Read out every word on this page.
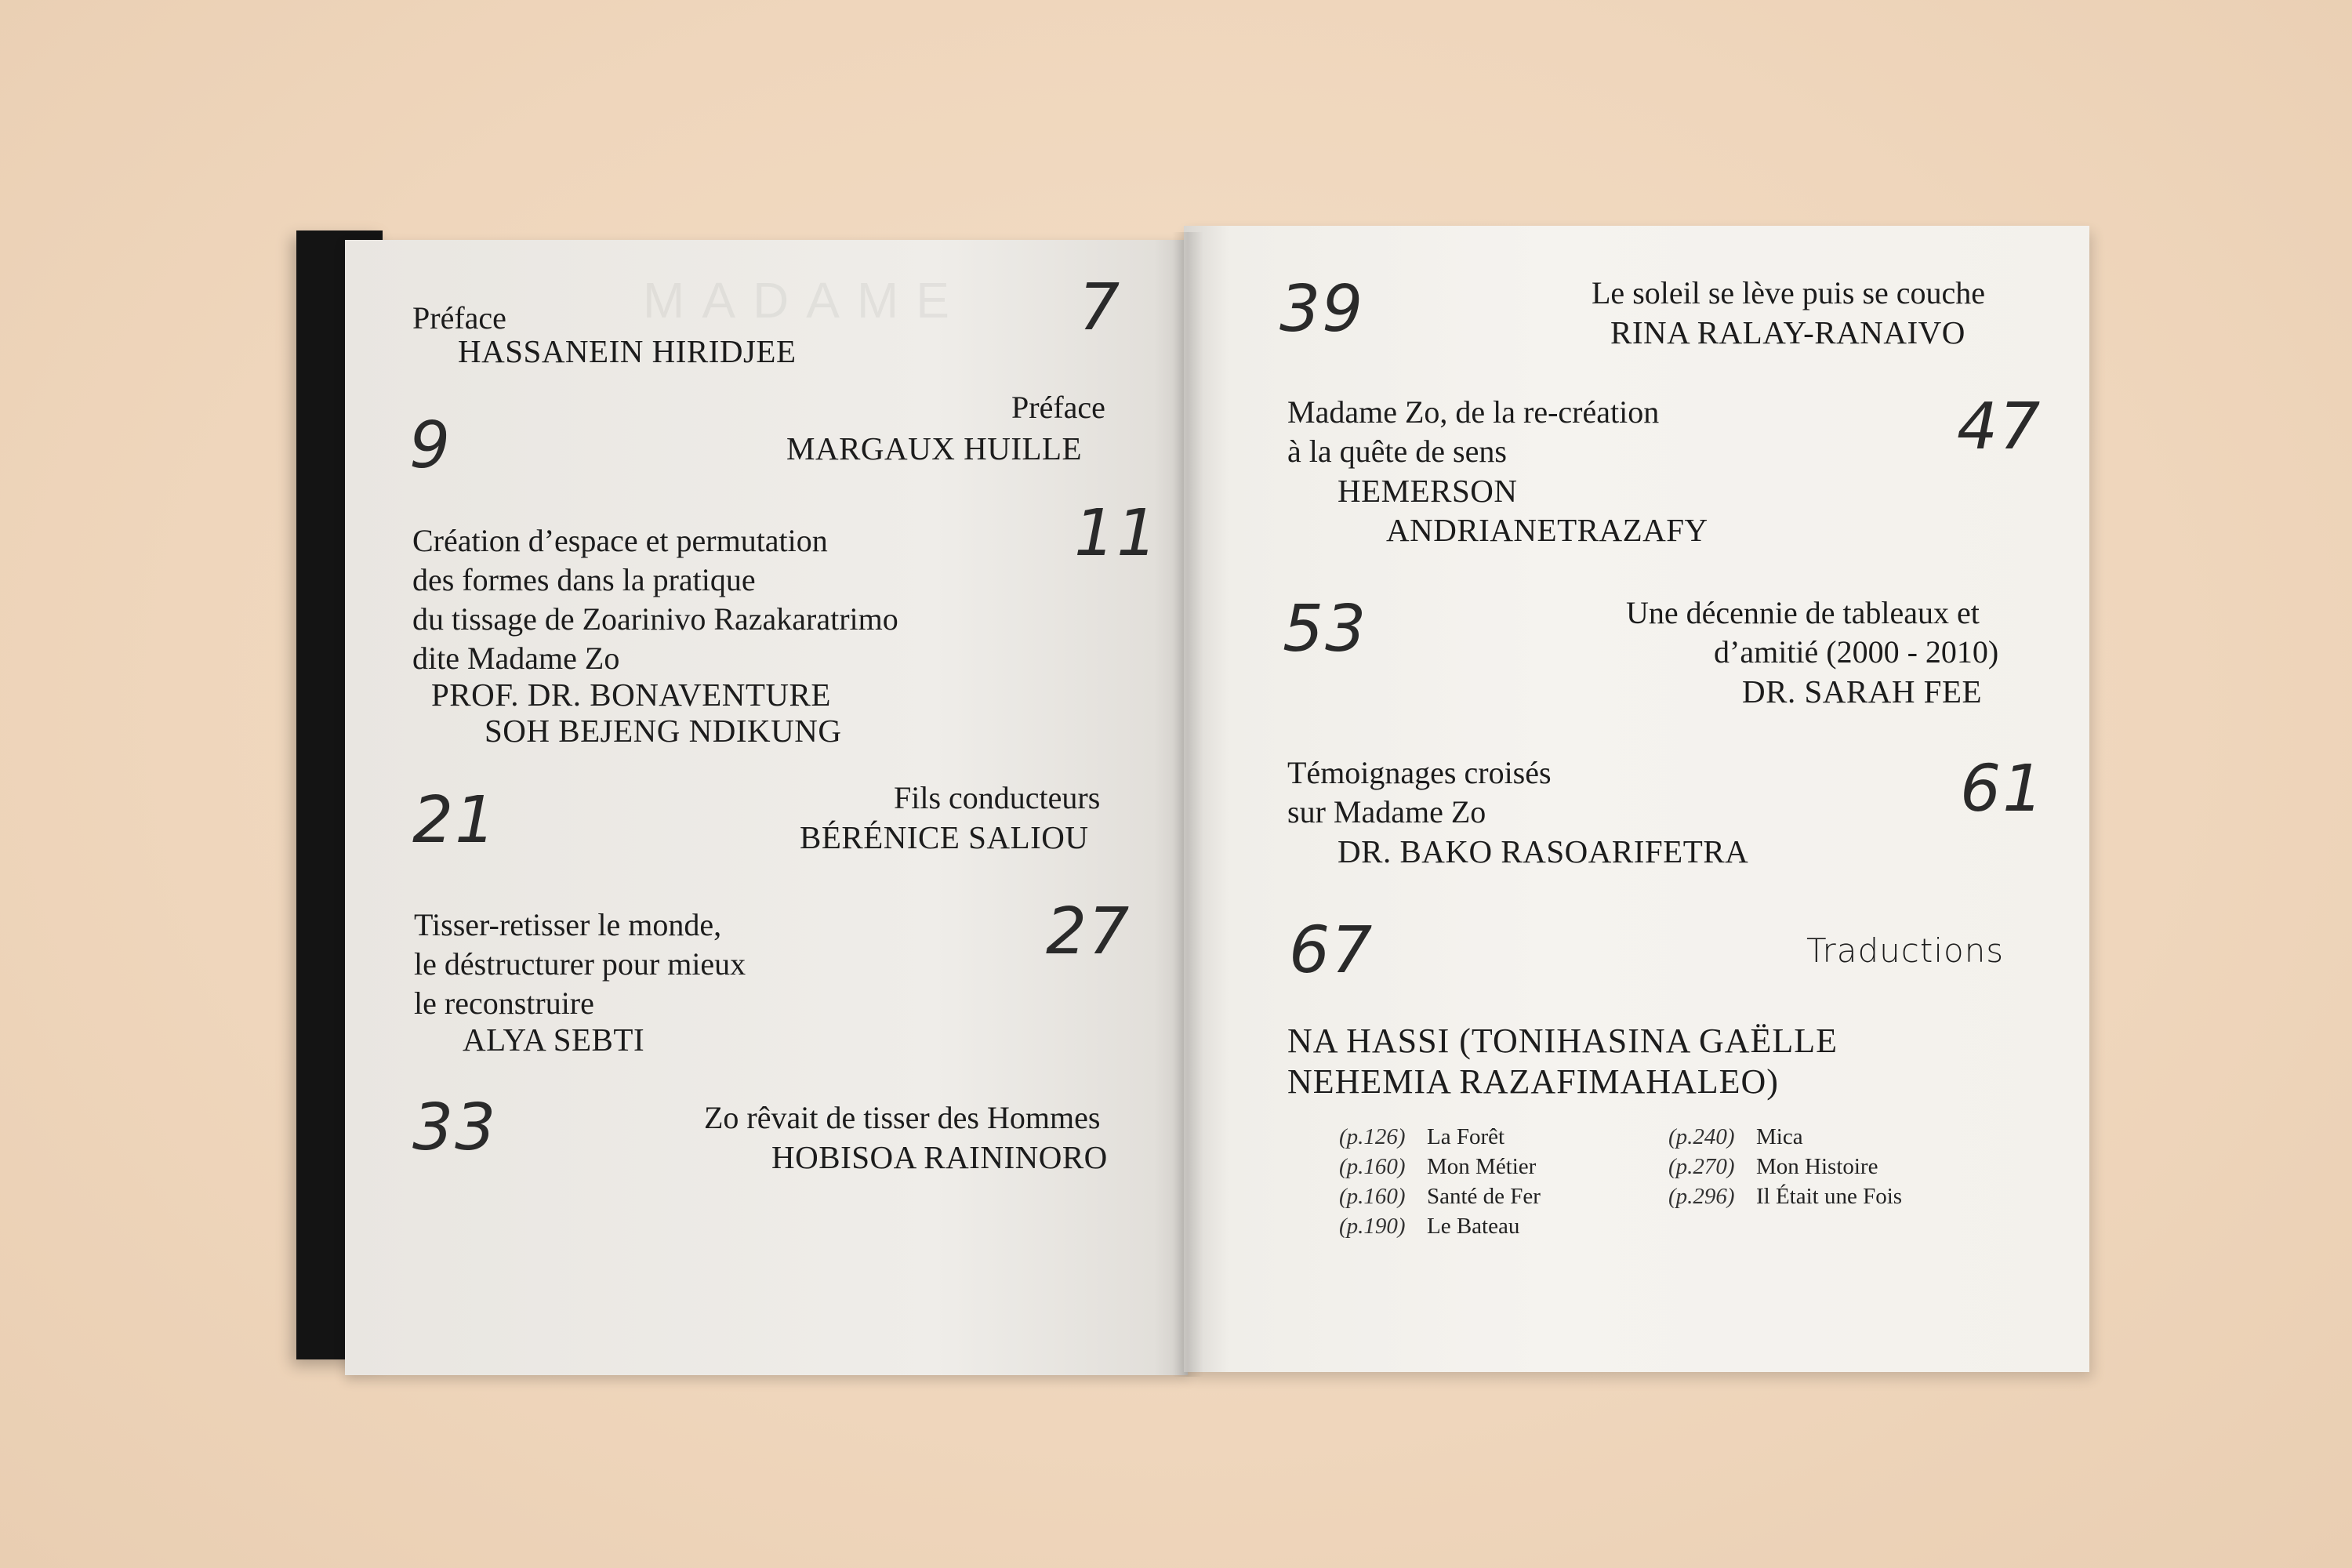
MADAME
Préface
HASSANEIN HIRIDJEE
7
Préface
MARGAUX HUILLE
9
Création d’espace et permutation
des formes dans la pratique
du tissage de Zoarinivo Razakaratrimo
dite Madame Zo
PROF. DR. BONAVENTURE
SOH BEJENG NDIKUNG
11
Fils conducteurs
BÉRÉNICE SALIOU
21
Tisser-retisser le monde,
le déstructurer pour mieux
le reconstruire
ALYA SEBTI
27
Zo rêvait de tisser des Hommes
HOBISOA RAININORO
33
Le soleil se lève puis se couche
RINA RALAY-RANAIVO
39
Madame Zo, de la re-création
à la quête de sens
HEMERSON
ANDRIANETRAZAFY
47
Une décennie de tableaux et
d’amitié (2000 - 2010)
DR. SARAH FEE
53
Témoignages croisés
sur Madame Zo
DR. BAKO RASOARIFETRA
61
67	Traductions
NA HASSI (TONIHASINA GAËLLE
NEHEMIA RAZAFIMAHALEO)
(p.126) La Forêt
(p.160) Mon Métier
(p.160) Santé de Fer
(p.190) Le Bateau
(p.240) Mica
(p.270) Mon Histoire
(p.296) Il Était une Fois
